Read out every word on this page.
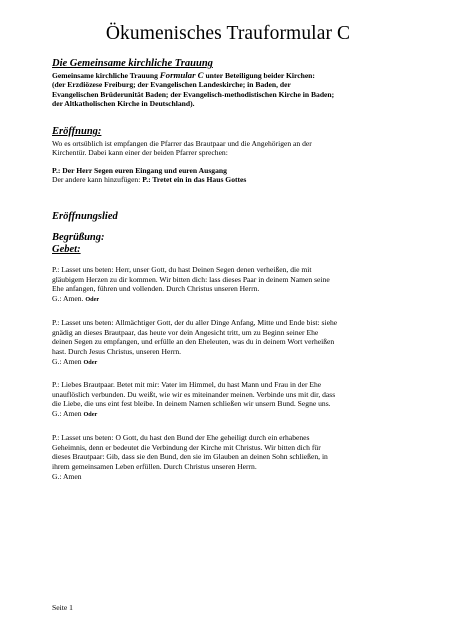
Ökumenisches Trauformular C
Die Gemeinsame kirchliche Trauung
Gemeinsame kirchliche Trauung Formular C unter Beteiligung beider Kirchen:
(der Erzdiözese Freiburg; der Evangelischen Landeskirche; in Baden, der
Evangelischen Brüderunität Baden; der Evangelisch-methodistischen Kirche in Baden;
der Altkatholischen Kirche in Deutschland).
Eröffnung:
Wo es ortsüblich ist empfangen die Pfarrer das Brautpaar und die Angehörigen an der
Kirchentür. Dabei kann einer der beiden Pfarrer sprechen:
P.: Der Herr Segen euren Eingang und euren Ausgang
Der andere kann hinzufügen: P.: Tretet ein in das Haus Gottes
Eröffnungslied
Begrüßung:
Gebet:
P.: Lasset uns beten: Herr, unser Gott, du hast Deinen Segen denen verheißen, die mit
gläubigem Herzen zu dir kommen. Wir bitten dich: lass dieses Paar in deinem Namen seine
Ehe anfangen, führen und vollenden. Durch Christus unseren Herrn.
G.: Amen. Oder
P.: Lasset uns beten: Allmächtiger Gott, der du aller Dinge Anfang, Mitte und Ende bist: siehe
gnädig an dieses Brautpaar, das heute vor dein Angesicht tritt, um zu Beginn seiner Ehe
deinen Segen zu empfangen, und erfülle an den Eheleuten, was du in deinem Wort verheißen
hast. Durch Jesus Christus, unseren Herrn.
G.: Amen Oder
P.: Liebes Brautpaar. Betet mit mir: Vater im Himmel, du hast Mann und Frau in der Ehe
unauflöslich verbunden. Du weißt, wie wir es miteinander meinen. Verbinde uns mit dir, dass
die Liebe, die uns eint fest bleibe. In deinem Namen schließen wir unsern Bund. Segne uns.
G.: Amen Oder
P.: Lasset uns beten: O Gott, du hast den Bund der Ehe geheiligt durch ein erhabenes
Geheimnis, denn er bedeutet die Verbindung der Kirche mit Christus. Wir bitten dich für
dieses Brautpaar: Gib, dass sie den Bund, den sie im Glauben an deinen Sohn schließen, in
ihrem gemeinsamen Leben erfüllen. Durch Christus unseren Herrn.
G.: Amen
Seite 1
